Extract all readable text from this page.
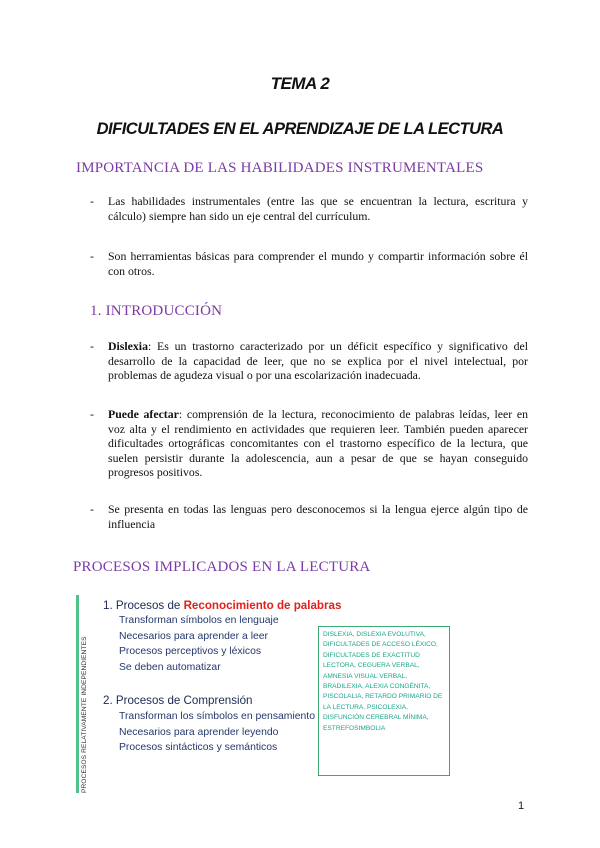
TEMA 2
DIFICULTADES EN EL APRENDIZAJE DE LA LECTURA
IMPORTANCIA DE LAS HABILIDADES INSTRUMENTALES
- Las habilidades instrumentales (entre las que se encuentran la lectura, escritura y cálculo) siempre han sido un eje central del currículum.
- Son herramientas básicas para comprender el mundo y compartir información sobre él con otros.
1. INTRODUCCIÓN
- Dislexia: Es un trastorno caracterizado por un déficit específico y significativo del desarrollo de la capacidad de leer, que no se explica por el nivel intelectual, por problemas de agudeza visual o por una escolarización inadecuada.
- Puede afectar: comprensión de la lectura, reconocimiento de palabras leídas, leer en voz alta y el rendimiento en actividades que requieren leer. También pueden aparecer dificultades ortográficas concomitantes con el trastorno específico de la lectura, que suelen persistir durante la adolescencia, aun a pesar de que se hayan conseguido progresos positivos.
- Se presenta en todas las lenguas pero desconocemos si la lengua ejerce algún tipo de influencia
PROCESOS IMPLICADOS EN LA LECTURA
PROCESOS RELATIVAMENTE INDEPENDIENTES
1. Procesos de Reconocimiento de palabras
Transforman símbolos en lenguaje
Necesarios para aprender a leer
Procesos perceptivos y léxicos
Se deben automatizar
2. Procesos de Comprensión
Transforman los símbolos en pensamiento
Necesarios para aprender leyendo
Procesos sintácticos y semánticos
DISLEXIA, DISLEXIA EVOLUTIVA, DIFICULTADES DE ACCESO LÉXICO, DIFICULTADES DE EXACTITUD LECTORA, CEGUERA VERBAL, AMNESIA VISUAL VERBAL, BRADILEXIA, ALEXIA CONGÉNITA, PISCOLALIA, RETARDO PRIMARIO DE LA LECTURA, PSICOLEXIA, DISFUNCIÓN CEREBRAL MÍNIMA, ESTREFOSIMBOLIA
1
